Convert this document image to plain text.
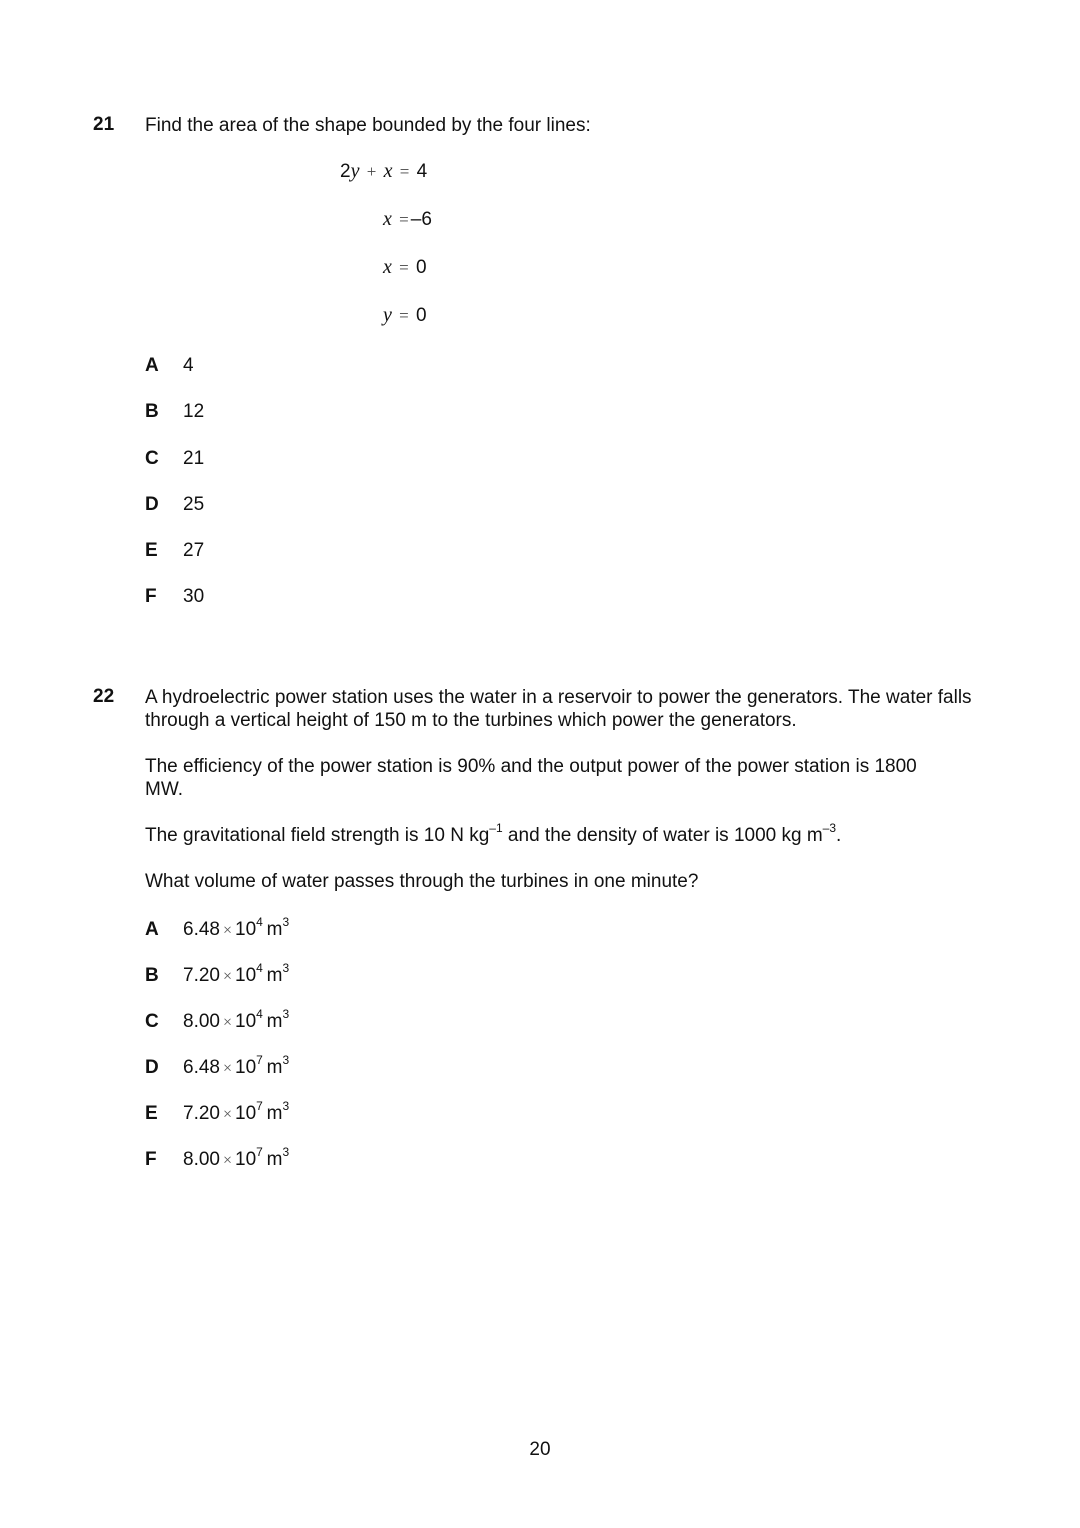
21 Find the area of the shape bounded by the four lines:
2y + x = 4
x = –6
x = 0
y = 0
A 4
B 12
C 21
D 25
E 27
F 30
22 A hydroelectric power station uses the water in a reservoir to power the generators. The water falls through a vertical height of 150 m to the turbines which power the generators.
The efficiency of the power station is 90% and the output power of the power station is 1800 MW.
The gravitational field strength is 10 N $kg^{-1}$ and the density of water is 1000 kg $m^{-3}$.
What volume of water passes through the turbines in one minute?
A $6.48 \times 10^4$  $m^3$
B $7.20 \times 10^4$  $m^3$
C $8.00 \times 10^4$  $m^3$
D $6.48 \times 10^7$  $m^3$
E $7.20 \times 10^7$  $m^3$
F $8.00 \times 10^7$  $m^3$
20
